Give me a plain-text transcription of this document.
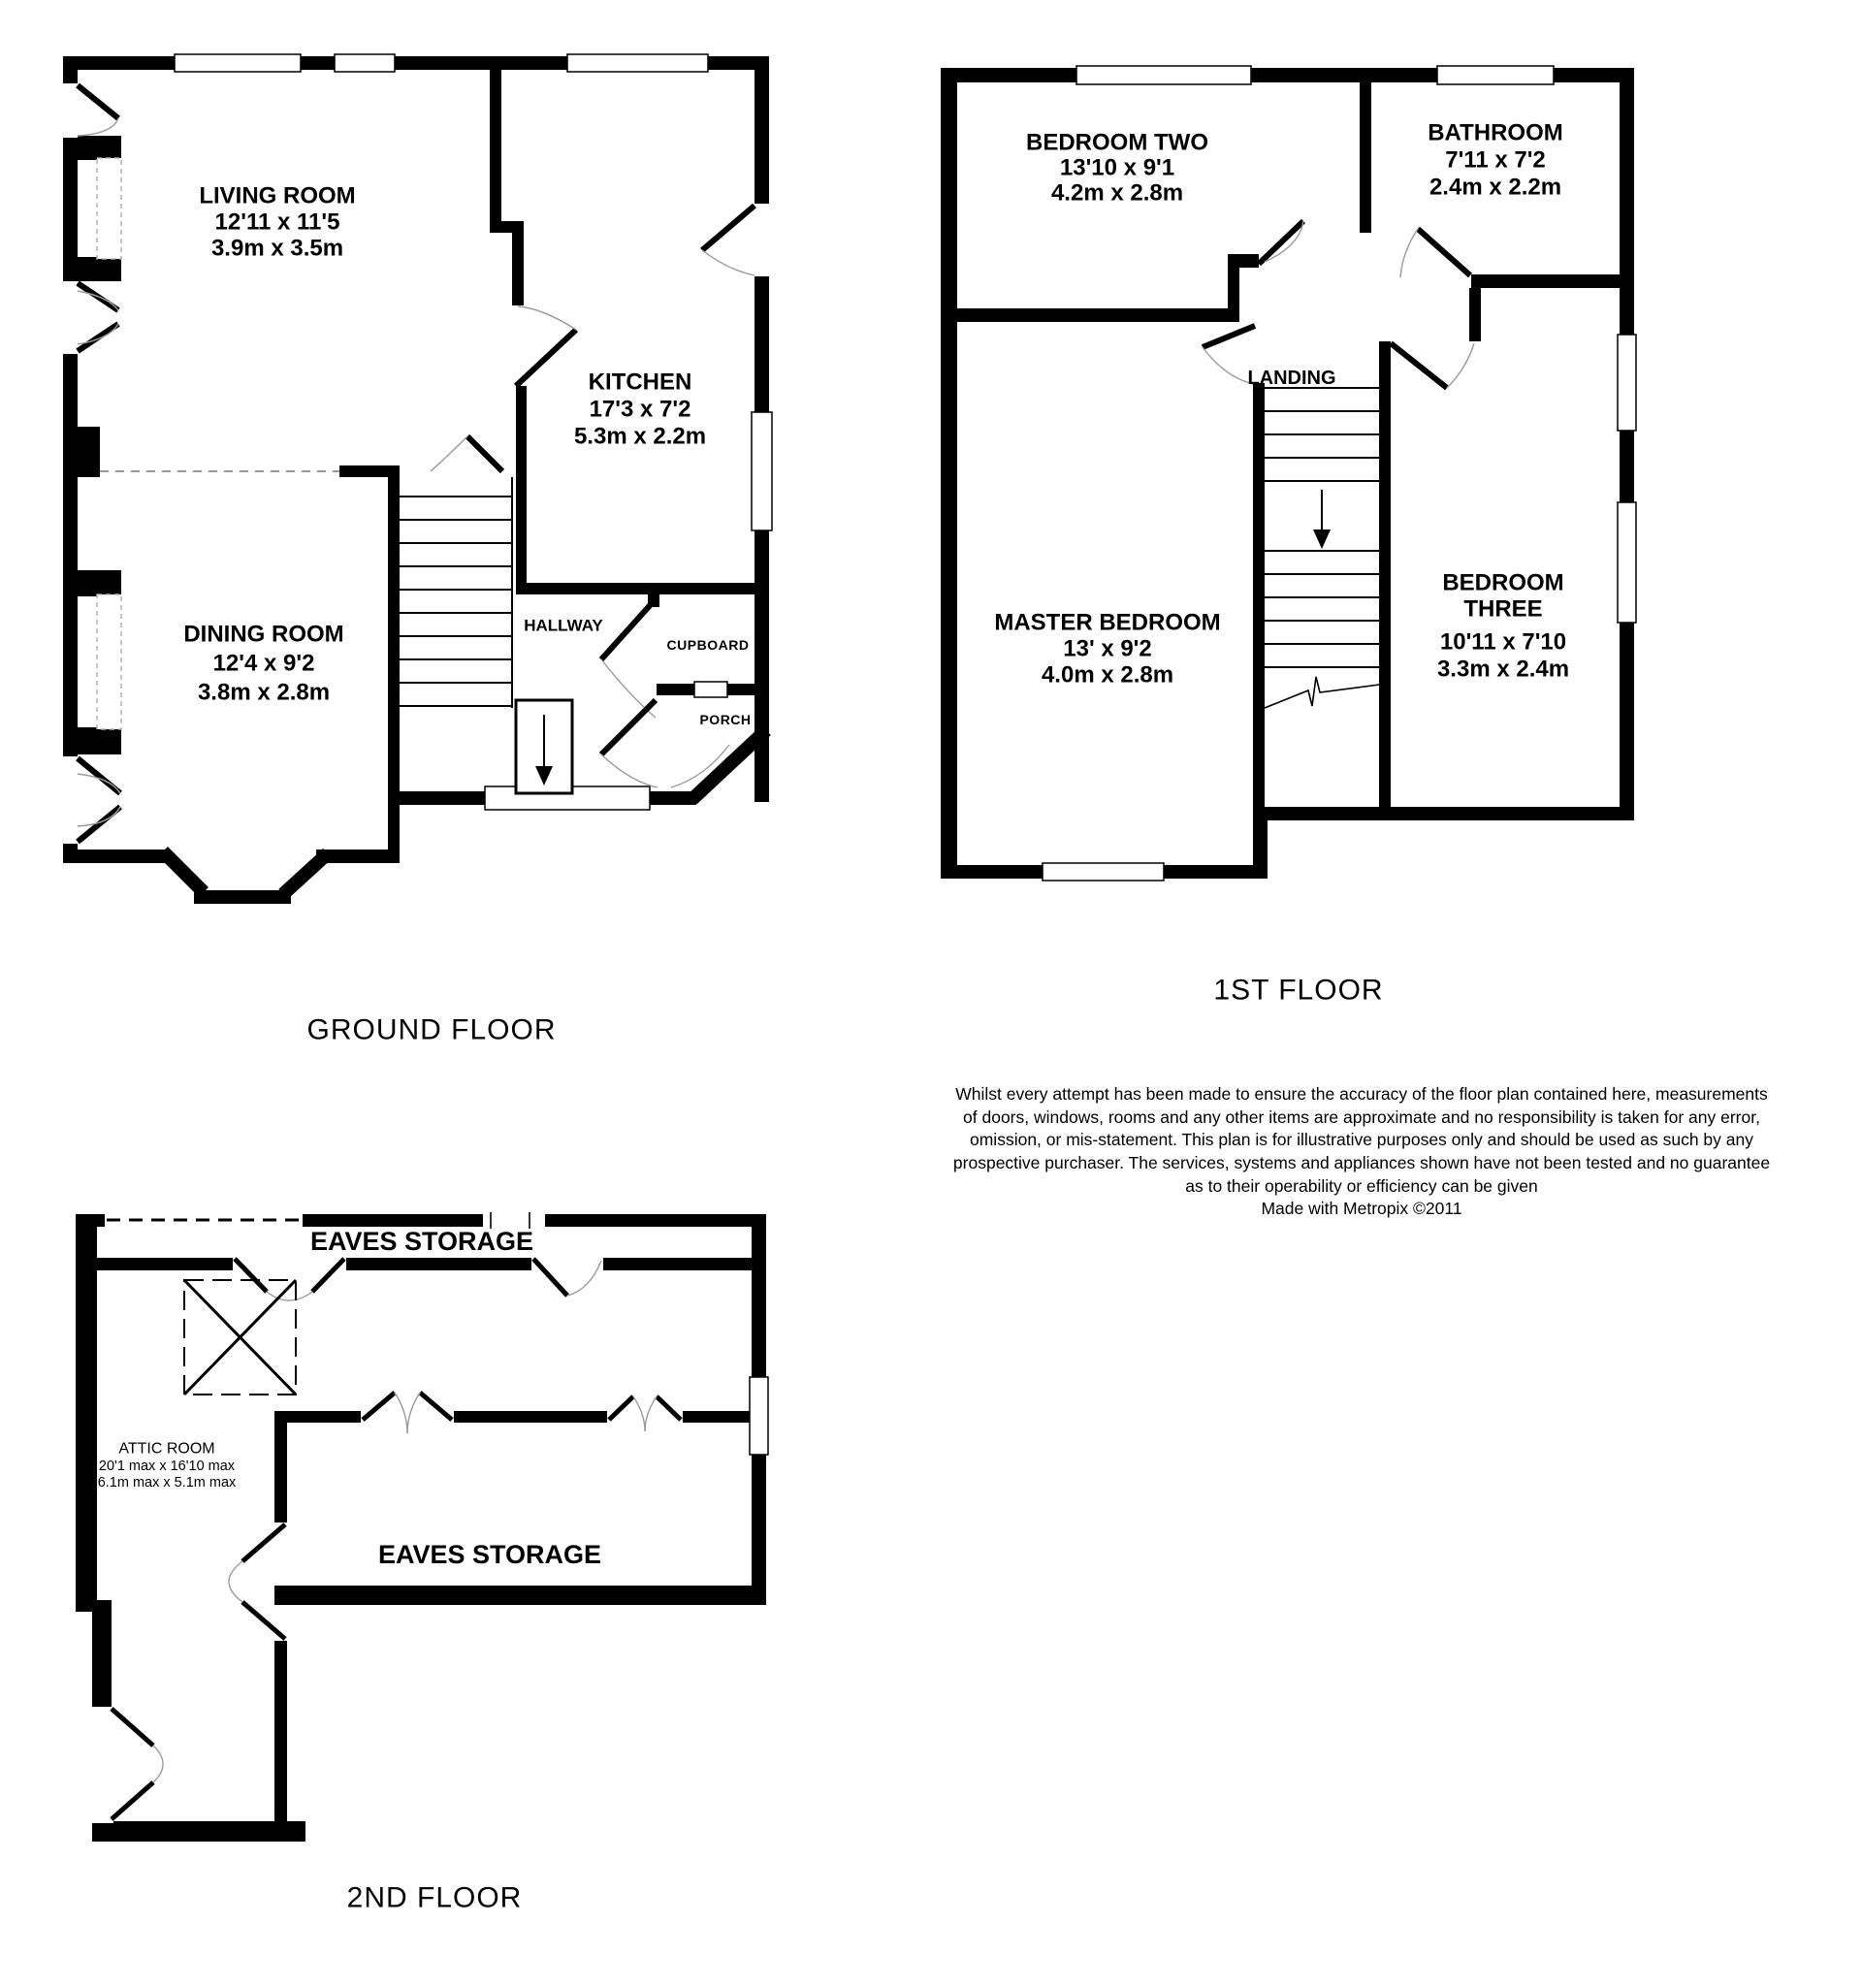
LIVING ROOM
12'11 x 11'5
3.9m x 3.5m
KITCHEN
17'3 x 7'2
5.3m x 2.2m
DINING ROOM
12'4 x 9'2
3.8m x 2.8m
HALLWAY
CUPBOARD
PORCH
GROUND FLOOR
BEDROOM TWO
13'10 x 9'1
4.2m x 2.8m
BATHROOM
7'11 x 7'2
2.4m x 2.2m
LANDING
MASTER BEDROOM
13' x 9'2
4.0m x 2.8m
BEDROOM
THREE
10'11 x 7'10
3.3m x 2.4m
1ST FLOOR
Whilst every attempt has been made to ensure the accuracy of the floor plan contained here, measurements
of doors, windows, rooms and any other items are approximate and no responsibility is taken for any error,
omission, or mis-statement. This plan is for illustrative purposes only and should be used as such by any
prospective purchaser. The services, systems and appliances shown have not been tested and no guarantee
as to their operability or efficiency can be given
Made with Metropix ©2011
EAVES STORAGE
EAVES STORAGE
ATTIC ROOM
20'1 max x 16'10 max
6.1m max x 5.1m max
2ND FLOOR
